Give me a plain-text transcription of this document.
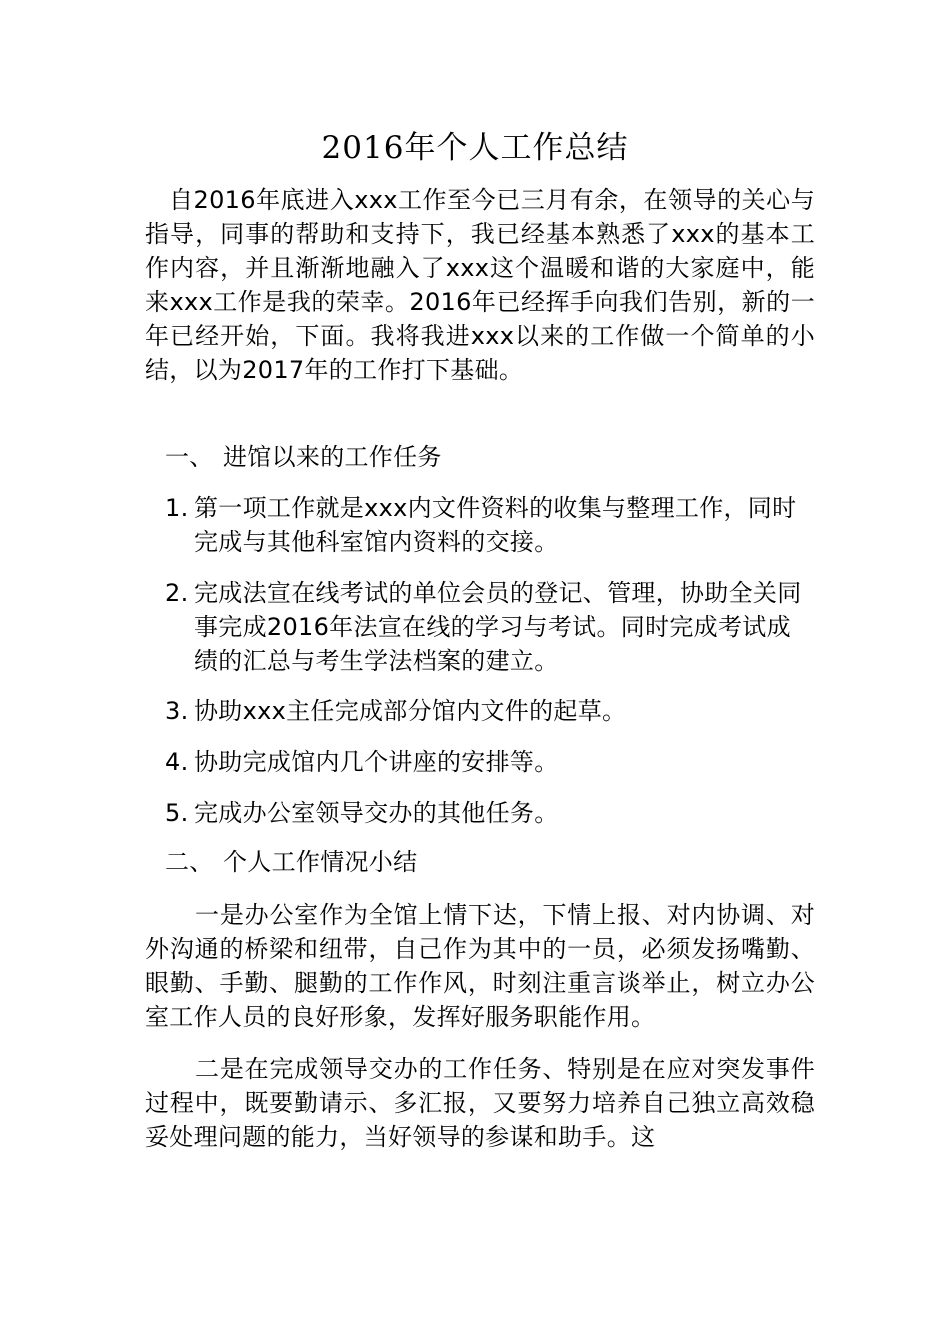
2016年个人工作总结

自2016年底进入xxx工作至今已三月有余，在领导的关心与指导，同事的帮助和支持下，我已经基本熟悉了xxx的基本工作内容，并且渐渐地融入了xxx这个温暖和谐的大家庭中，能来xxx工作是我的荣幸。2016年已经挥手向我们告别，新的一年已经开始，下面。我将我进xxx以来的工作做一个简单的小结，以为2017年的工作打下基础。

一、 进馆以来的工作任务
1. 第一项工作就是xxx内文件资料的收集与整理工作，同时完成与其他科室馆内资料的交接。
2. 完成法宣在线考试的单位会员的登记、管理，协助全关同事完成2016年法宣在线的学习与考试。同时完成考试成绩的汇总与考生学法档案的建立。
3. 协助xxx主任完成部分馆内文件的起草。
4. 协助完成馆内几个讲座的安排等。
5. 完成办公室领导交办的其他任务。
二、 个人工作情况小结

一是办公室作为全馆上情下达，下情上报、对内协调、对外沟通的桥梁和纽带，自己作为其中的一员，必须发扬嘴勤、眼勤、手勤、腿勤的工作作风，时刻注重言谈举止，树立办公室工作人员的良好形象，发挥好服务职能作用。

二是在完成领导交办的工作任务、特别是在应对突发事件过程中，既要勤请示、多汇报，又要努力培养自己独立高效稳妥处理问题的能力，当好领导的参谋和助手。这
